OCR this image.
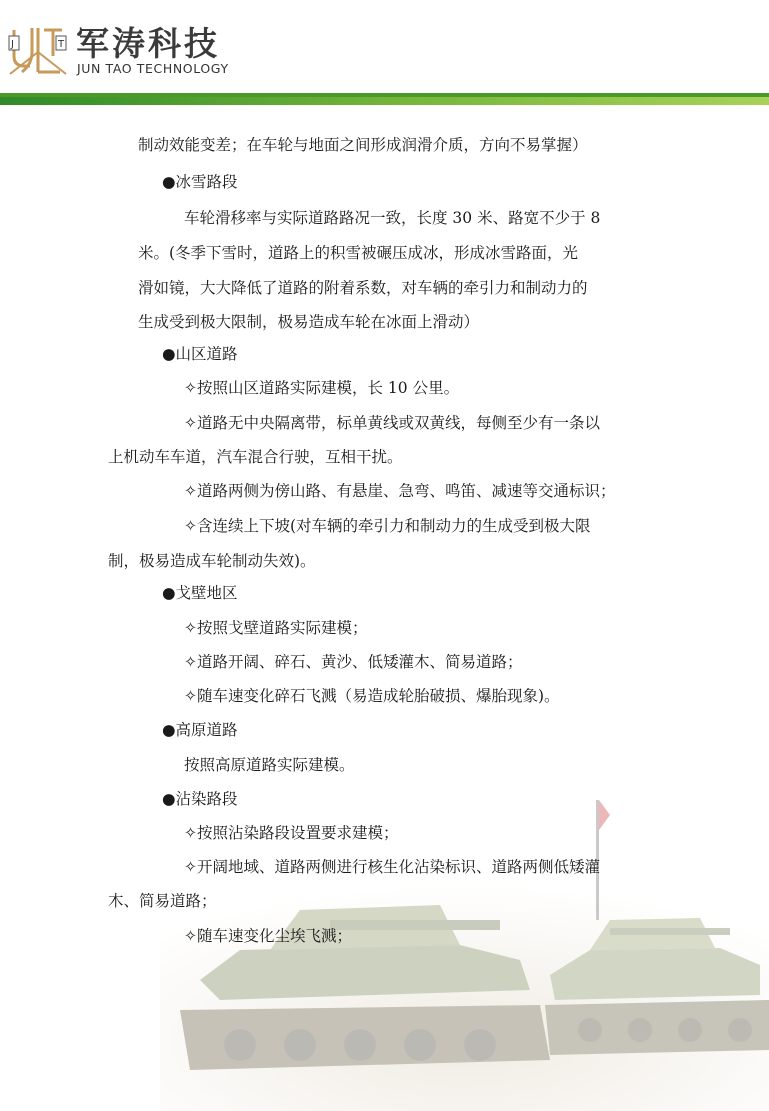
J	T 军涛科技
JUN TAO TECHNOLOGY
制动效能变差；在车轮与地面之间形成润滑介质，方向不易掌握）
●冰雪路段
车轮滑移率与实际道路路况一致，长度 30 米、路宽不少于 8
米。(冬季下雪时，道路上的积雪被碾压成冰，形成冰雪路面，光
滑如镜，大大降低了道路的附着系数，对车辆的牵引力和制动力的
生成受到极大限制，极易造成车轮在冰面上滑动）
●山区道路
✧按照山区道路实际建模，长 10 公里。
✧道路无中央隔离带，标单黄线或双黄线，每侧至少有一条以
上机动车车道，汽车混合行驶，互相干扰。
✧道路两侧为傍山路、有悬崖、急弯、鸣笛、减速等交通标识；
✧含连续上下坡(对车辆的牵引力和制动力的生成受到极大限
制，极易造成车轮制动失效)。
●戈壁地区
✧按照戈壁道路实际建模；
✧道路开阔、碎石、黄沙、低矮灌木、简易道路；
✧随车速变化碎石飞溅（易造成轮胎破损、爆胎现象)。
●高原道路
按照高原道路实际建模。
●沾染路段
✧按照沾染路段设置要求建模；
✧开阔地域、道路两侧进行核生化沾染标识、道路两侧低矮灌
木、简易道路；
✧随车速变化尘埃飞溅；
